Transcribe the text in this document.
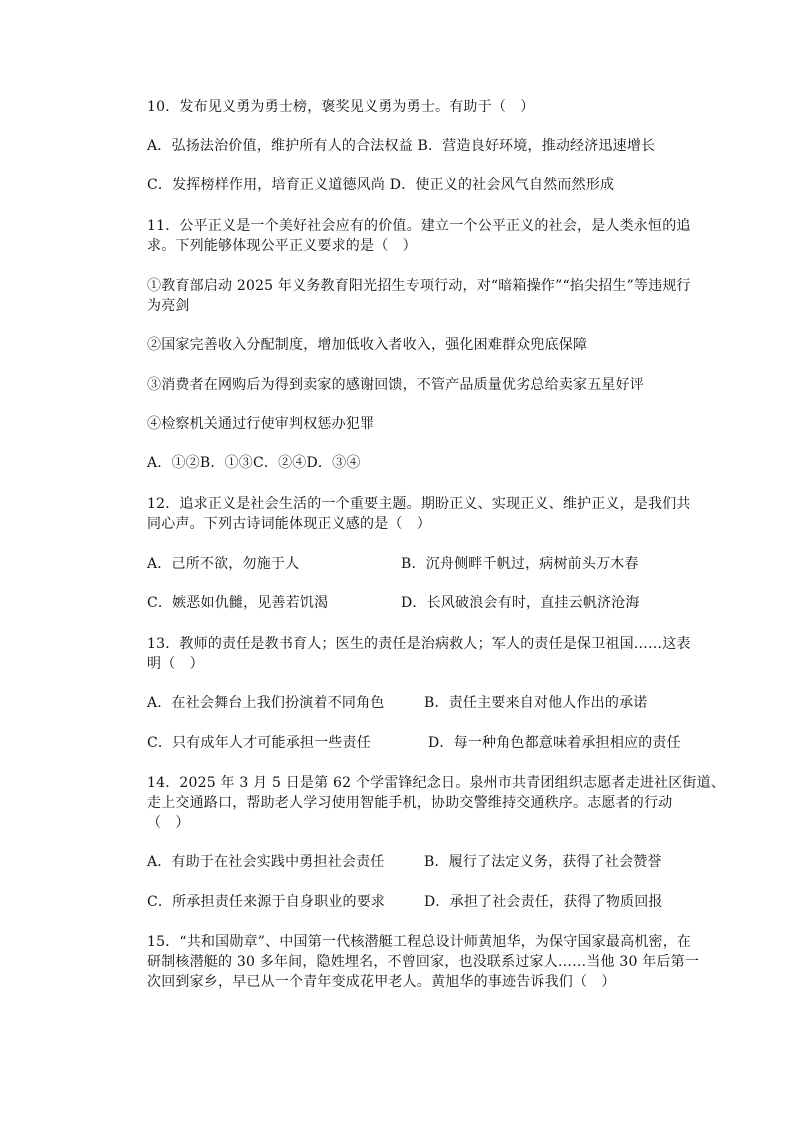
10．发布见义勇为勇士榜，褒奖见义勇为勇士。有助于（　）
A．弘扬法治价值，维护所有人的合法权益 B．营造良好环境，推动经济迅速增长
C．发挥榜样作用，培育正义道德风尚 D．使正义的社会风气自然而然形成
11．公平正义是一个美好社会应有的价值。建立一个公平正义的社会，是人类永恒的追
求。下列能够体现公平正义要求的是（　）
①教育部启动 2025 年义务教育阳光招生专项行动，对“暗箱操作”“掐尖招生”等违规行
为亮剑
②国家完善收入分配制度，增加低收入者收入，强化困难群众兜底保障
③消费者在网购后为得到卖家的感谢回馈，不管产品质量优劣总给卖家五星好评
④检察机关通过行使审判权惩办犯罪
A．①②B．①③C．②④D．③④
12．追求正义是社会生活的一个重要主题。期盼正义、实现正义、维护正义，是我们共
同心声。下列古诗词能体现正义感的是（　）
A．己所不欲，勿施于人	B．沉舟侧畔千帆过，病树前头万木春
C．嫉恶如仇雠，见善若饥渴	D．长风破浪会有时，直挂云帆济沧海
13．教师的责任是教书育人；医生的责任是治病救人；军人的责任是保卫祖国……这表
明（　）
A．在社会舞台上我们扮演着不同角色	B．责任主要来自对他人作出的承诺
C．只有成年人才可能承担一些责任	D．每一种角色都意味着承担相应的责任
14．2025 年 3 月 5 日是第 62 个学雷锋纪念日。泉州市共青团组织志愿者走进社区街道、
走上交通路口，帮助老人学习使用智能手机，协助交警维持交通秩序。志愿者的行动
（　）
A．有助于在社会实践中勇担社会责任	B．履行了法定义务，获得了社会赞誉
C．所承担责任来源于自身职业的要求	D．承担了社会责任，获得了物质回报
15．“共和国勋章”、中国第一代核潜艇工程总设计师黄旭华，为保守国家最高机密，在
研制核潜艇的 30 多年间，隐姓埋名，不曾回家，也没联系过家人……当他 30 年后第一
次回到家乡，早已从一个青年变成花甲老人。黄旭华的事迹告诉我们（　）
